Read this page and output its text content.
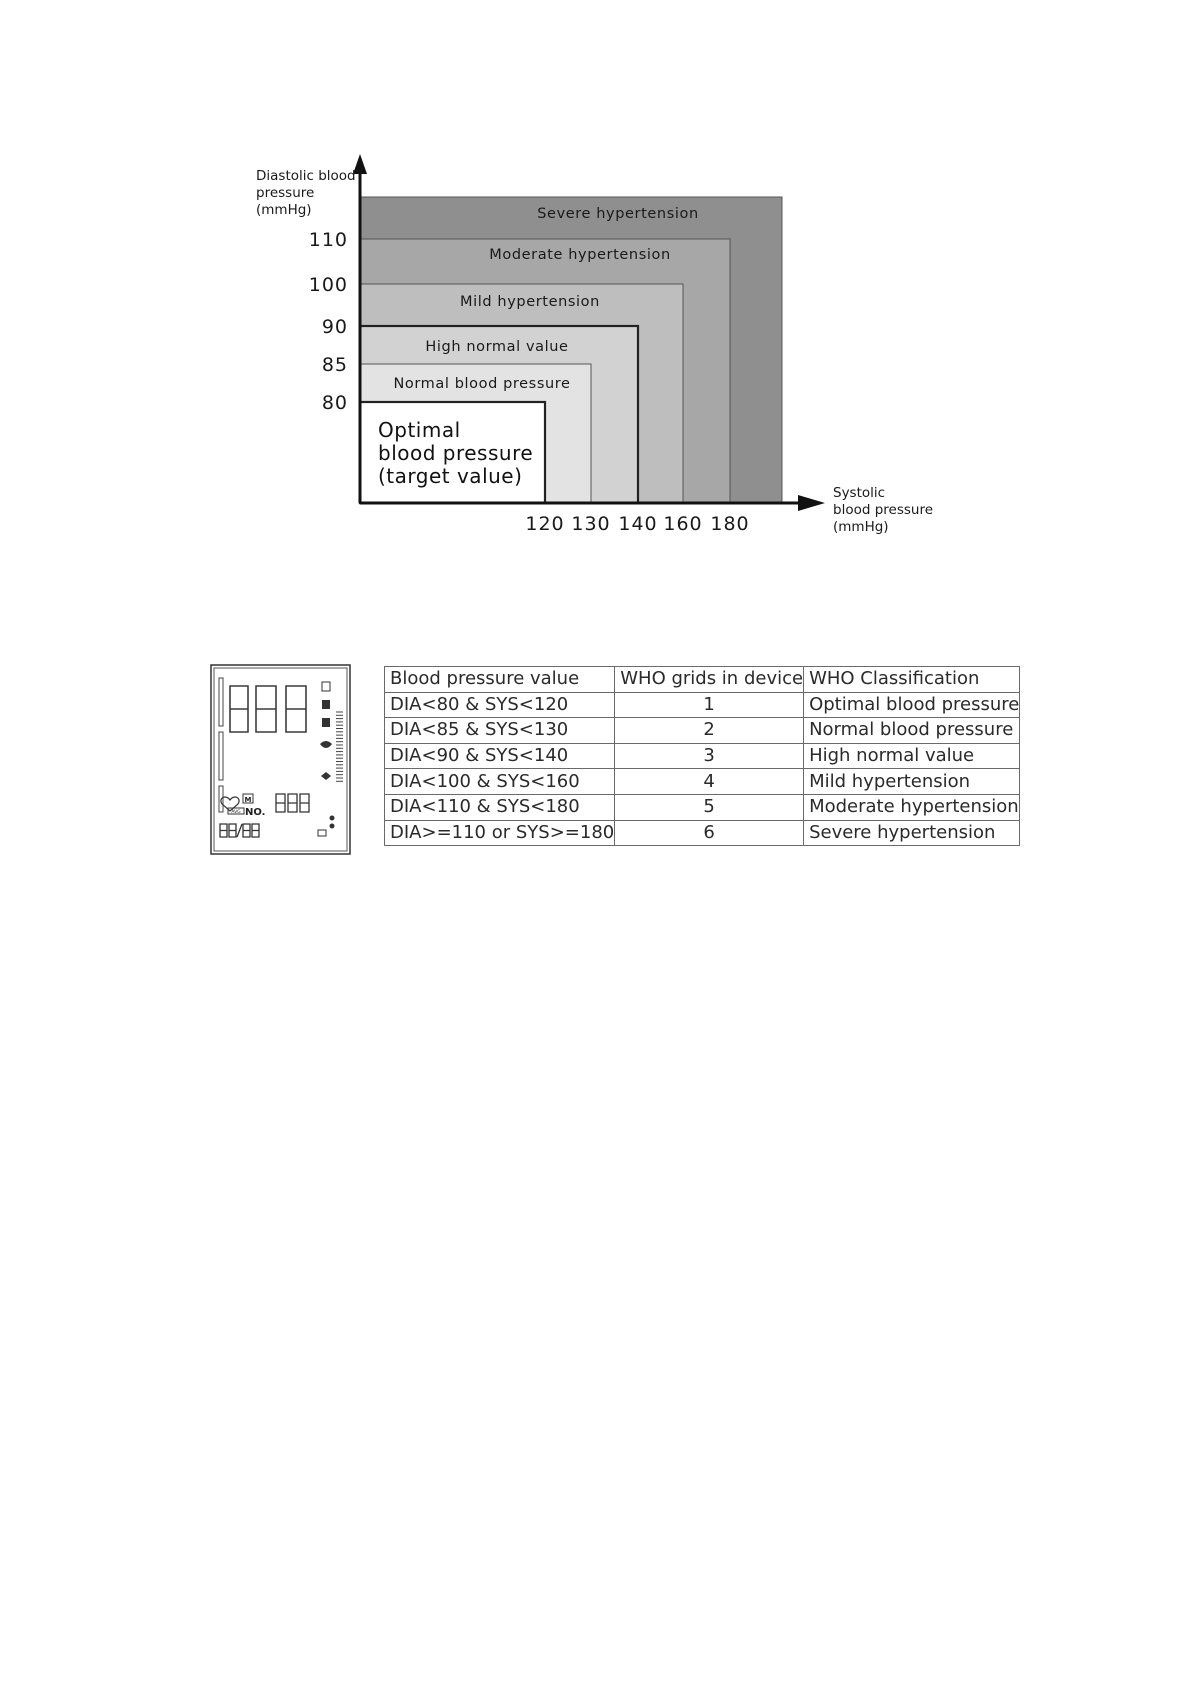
Diastolic blood
pressure
(mmHg)
Systolic
blood pressure
(mmHg)
110
100
90
85
80
120 130 140 160 180
Severe hypertension
Moderate hypertension
Mild hypertension
High normal value
Normal blood pressure
Optimal
blood pressure
(target value)
M
AVG NO.
Blood pressure value	WHO grids in device	WHO Classification
DIA<80 & SYS<120	1	Optimal blood pressure
DIA<85 & SYS<130	2	Normal blood pressure
DIA<90 & SYS<140	3	High normal value
DIA<100 & SYS<160	4	Mild hypertension
DIA<110 & SYS<180	5	Moderate hypertension
DIA>=110 or SYS>=180	6	Severe hypertension
